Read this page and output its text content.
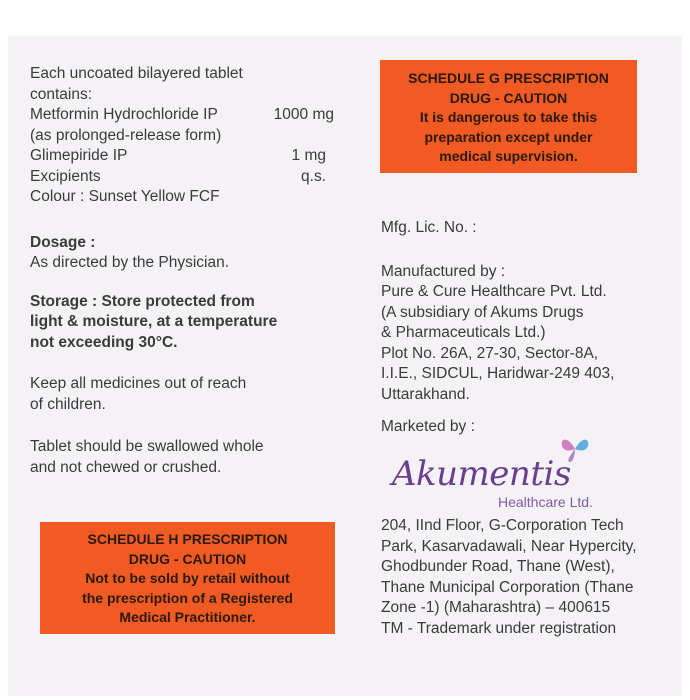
Each uncoated bilayered tablet

contains:

Metformin Hydrochloride IP	1000 mg
(as prolonged-release form)
Glimepiride IP	1 mg
Excipients	q.s.
Colour : Sunset Yellow FCF

Dosage :

As directed by the Physician.

Storage : Store protected from

light & moisture, at a temperature

not exceeding 30°C.

Keep all medicines out of reach

of children.

Tablet should be swallowed whole

and not chewed or crushed.

SCHEDULE H PRESCRIPTION
DRUG - CAUTION
Not to be sold by retail without
the prescription of a Registered
Medical Practitioner.
SCHEDULE G PRESCRIPTION
DRUG - CAUTION
It is dangerous to take this
preparation except under
medical supervision.

Mfg. Lic. No. :

Manufactured by :

Pure & Cure Healthcare Pvt. Ltd.

(A subsidiary of Akums Drugs

& Pharmaceuticals Ltd.)

Plot No. 26A, 27-30, Sector-8A,

I.I.E., SIDCUL, Haridwar-249 403,

Uttarakhand.

Marketed by :

Akumentis
Healthcare Ltd.

204, IInd Floor, G-Corporation Tech

Park, Kasarvadawali, Near Hypercity,

Ghodbunder Road, Thane (West),

Thane Municipal Corporation (Thane

Zone -1) (Maharashtra) – 400615

TM - Trademark under registration
